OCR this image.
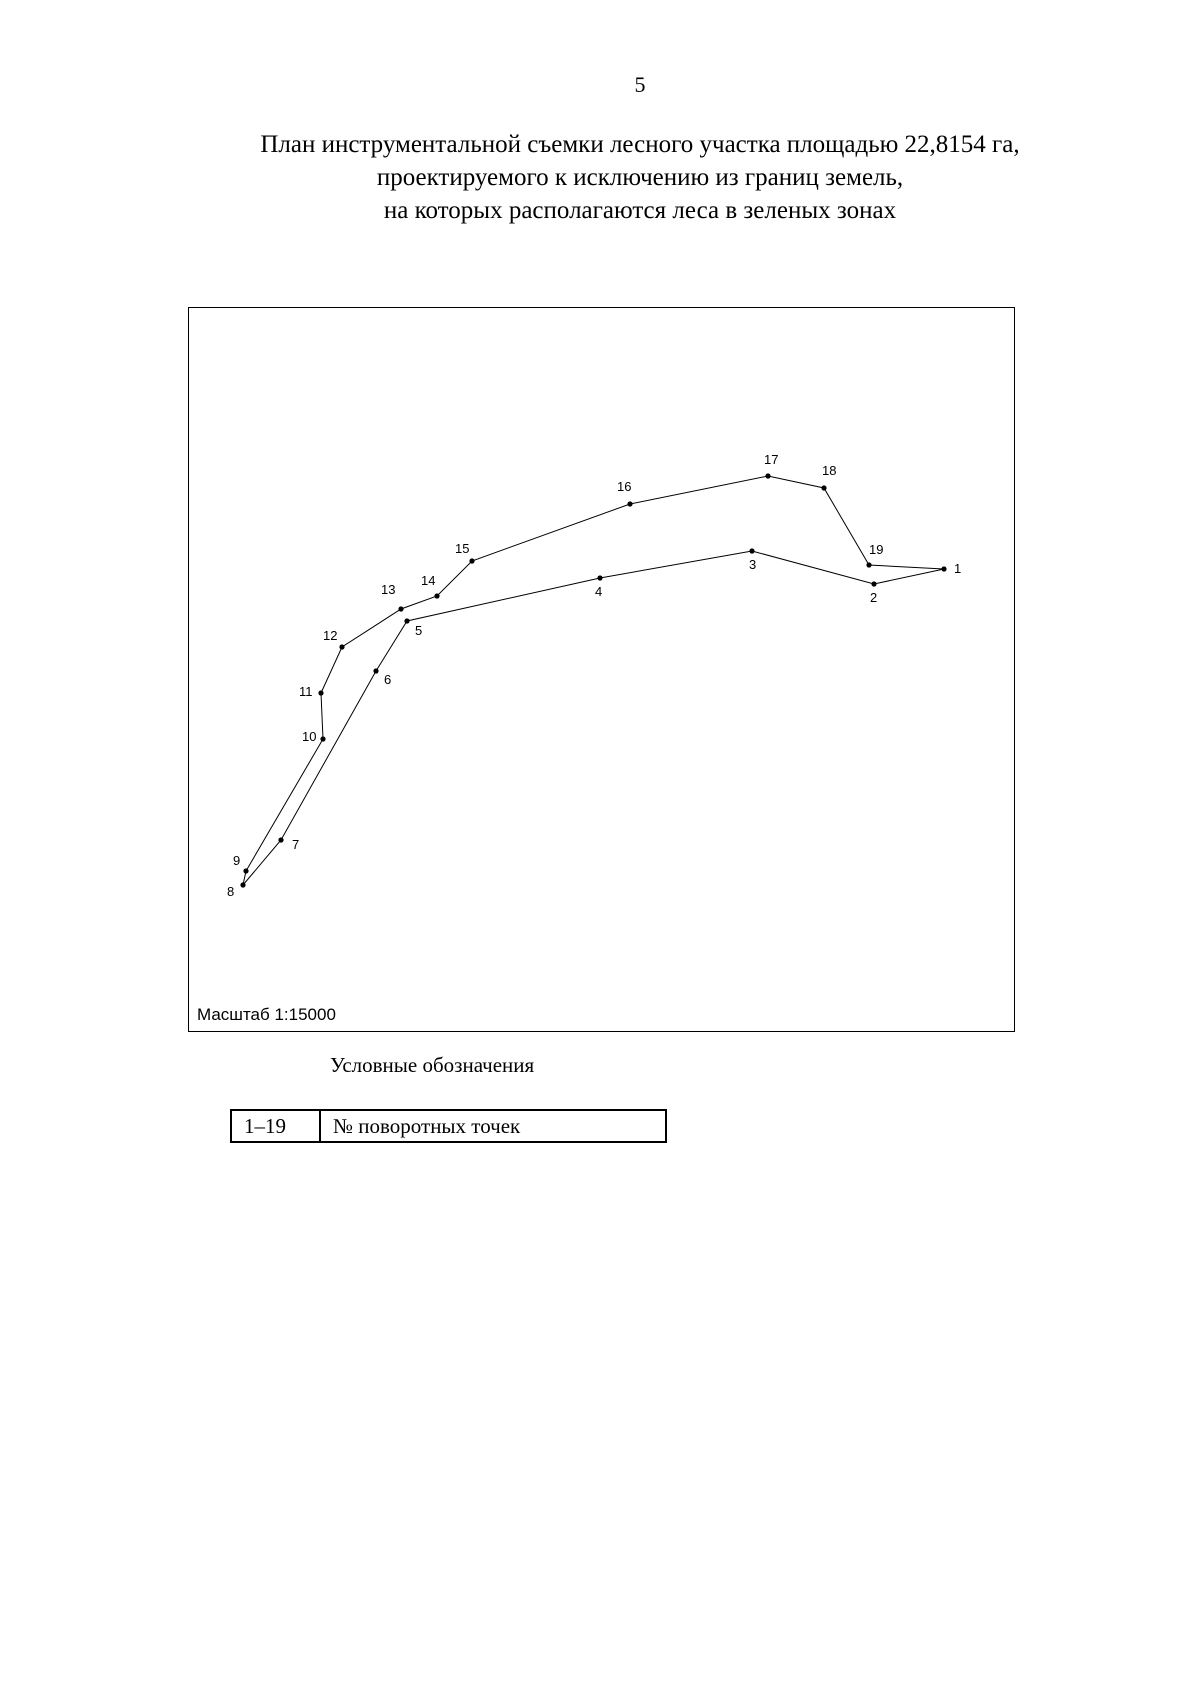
5
План инструментальной съемки лесного участка площадью 22,8154 га,
проектируемого к исключению из границ земель,
на которых располагаются леса в зеленых зонах
1
2
3
4
5
6
7
8
9
10
11
12
13
14
15
16
17
18
19
Масштаб 1:15000
Условные обозначения
1–19	№ поворотных точек
